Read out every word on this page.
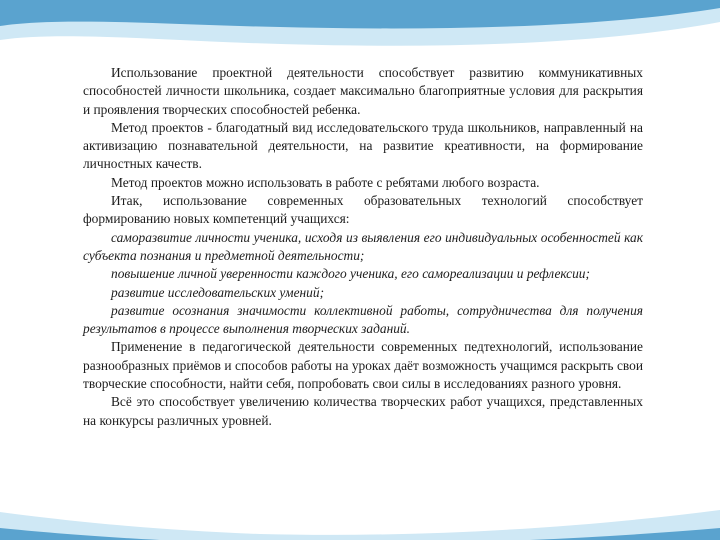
Использование проектной деятельности способствует развитию коммуникативных способностей личности школьника, создает максимально благоприятные условия для раскрытия и проявления творческих способностей ребенка.

Метод проектов - благодатный вид исследовательского труда школьников, направленный на активизацию познавательной деятельности, на развитие креативности, на формирование личностных качеств.

Метод проектов можно использовать в работе с ребятами любого возраста.

Итак, использование современных образовательных технологий способствует формированию новых компетенций учащихся:

саморазвитие личности ученика, исходя из выявления его индивидуальных особенностей как субъекта познания и предметной деятельности;

повышение личной уверенности каждого ученика, его самореализации и рефлексии;

развитие исследовательских умений;

развитие осознания значимости коллективной работы, сотрудничества для получения результатов в процессе выполнения творческих заданий.

Применение в педагогической деятельности современных педтехнологий, использование разнообразных приёмов и способов работы на уроках даёт возможность учащимся раскрыть свои творческие способности, найти себя, попробовать свои силы в исследованиях разного уровня.

Всё это способствует увеличению количества творческих работ учащихся, представленных на конкурсы различных уровней.
